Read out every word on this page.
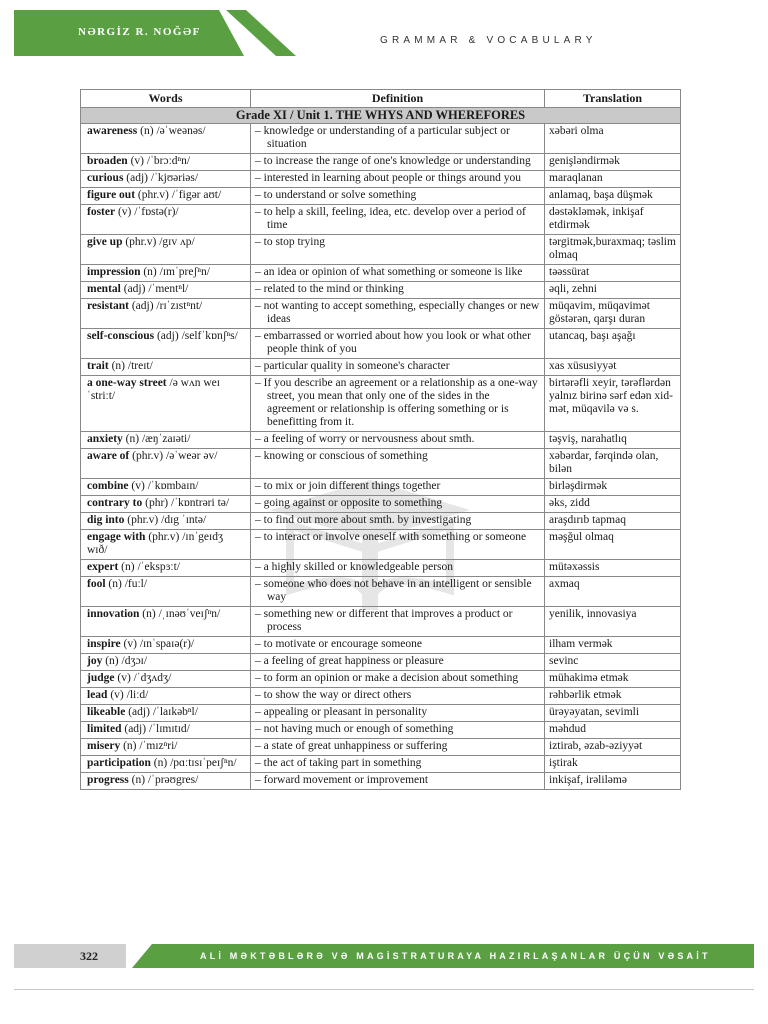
NƏRGİZ R. NOĞƏF
GRAMMAR & VOCABULARY
Words	Definition	Translation
Grade XI / Unit 1. THE WHYS AND WHEREFORES		
awareness (n) /əˈweənəs/	– knowledge or understanding of a particular subject or situation	xəbəri olma
broaden (v) /ˈbrɔːdⁿn/	– to increase the range of one's knowledge or understanding	genişləndirmək
curious (adj) /ˈkjʊəriəs/	– interested in learning about people or things around you	maraqlanan
figure out (phr.v) /ˈfigər aʊt/	– to understand or solve something	anlamaq, başa düşmək
foster (v) /ˈfɒstə(r)/	– to help a skill, feeling, idea, etc. develop over a period of time	dəstəkləmək, inkişaf etdirmək
give up (phr.v) /gɪv ʌp/	– to stop trying	tərgitmək,buraxmaq; təslim olmaq
impression (n) /ɪmˈpreʃⁿn/	– an idea or opinion of what something or someone is like	təəssürat
mental (adj) /ˈmentⁿl/	– related to the mind or thinking	əqli, zehni
resistant (adj) /rɪˈzɪstⁿnt/	– not wanting to accept something, especially changes or new ideas	müqavim, müqavimət göstərən, qarşı duran
self-conscious (adj) /selfˈkɒnʃⁿs/	– embarrassed or worried about how you look or what other people think of you	utancaq, başı aşağı
trait (n) /treɪt/	– particular quality in someone's character	xas xüsusiyyət
a one-way street /ə wʌn weɪ ˈstriːt/	– If you describe an agreement or a relationship as a one-way street, you mean that only one of the sides in the agreement or relationship is offering something or is benefitting from it.	birtərəfli xeyir, tərəflərdən yalnız birinə sərf edən xid-mət, müqavilə və s.
anxiety (n) /æŋˈzaɪəti/	– a feeling of worry or nervousness about smth.	təşviş, narahatlıq
aware of (phr.v) /əˈweər əv/	– knowing or conscious of something	xəbərdar, fərqində olan, bilən
combine (v) /ˈkɒmbaɪn/	– to mix or join different things together	birləşdirmək
contrary to (phr) /ˈkɒntrəri tə/	– going against or opposite to something	əks, zidd
dig into (phr.v) /dɪg ˈɪntə/	– to find out more about smth. by investigating	araşdırıb tapmaq
engage with (phr.v) /ɪnˈgeɪdʒ wɪð/	– to interact or involve oneself with something or someone	məşğul olmaq
expert (n) /ˈekspɜːt/	– a highly skilled or knowledgeable person	mütəxəssis
fool (n) /fuːl/	– someone who does not behave in an intelligent or sensible way	axmaq
innovation (n) /ˌɪnəʊˈveɪʃⁿn/	– something new or different that improves a product or process	yenilik, innovasiya
inspire (v) /ɪnˈspaɪə(r)/	– to motivate or encourage someone	ilham vermək
joy (n) /dʒɔɪ/	– a feeling of great happiness or pleasure	sevinc
judge (v) /ˈdʒʌdʒ/	– to form an opinion or make a decision about something	mühakimə etmək
lead (v) /liːd/	– to show the way or direct others	rəhbərlik etmək
likeable (adj) /ˈlaɪkəbⁿl/	– appealing or pleasant in personality	ürəyəyatan, sevimli
limited (adj) /ˈlɪmɪtɪd/	– not having much or enough of something	məhdud
misery (n) /ˈmɪzⁿri/	– a state of great unhappiness or suffering	iztirab, əzab-əziyyət
participation (n) /pɑːtɪsɪˈpeɪʃⁿn/	– the act of taking part in something	iştirak
progress (n) /ˈprəʊgres/	– forward movement or improvement	inkişaf, irəliləmə
322	ALİ MƏKTƏBLƏRƏ VƏ MAGİSTRATURAYA HAZIRLAŞANLAR ÜÇÜN VƏSAİT
